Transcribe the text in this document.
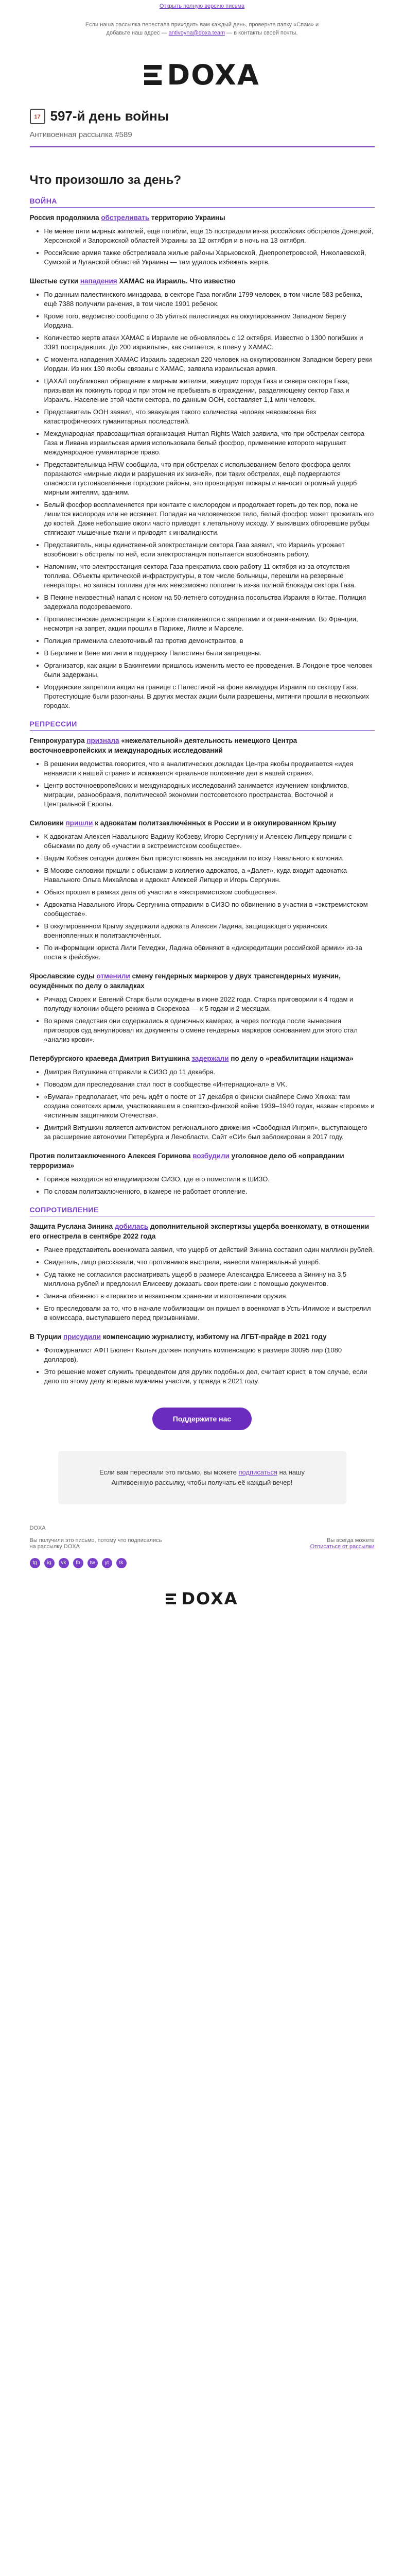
Открыть полную версию письма
Если наша рассылка перестала приходить вам каждый день, проверьте папку «Спам» и добавьте наш адрес — antivoyna@doxa.team — в контакты своей почты.
DOXA
17 597-й день войны
Антивоенная рассылка #589
Что произошло за день?
ВОЙНА
Россия продолжила обстреливать территорию Украины
• Не менее пяти мирных жителей, ещё погибли, еще 15 пострадали из-за российских обстрелов Донецкой, Херсонской и Запорожской областей Украины за 12 октября и в ночь на 13 октября.
• Российские армия также обстреливала жилые районы Харьковской, Днепропетровской, Николаевской, Сумской и Луганской областей Украины — там удалось избежать жертв.
Шестые сутки нападения ХАМАС на Израиль. Что известно
• По данным палестинского минздрава, в секторе Газа погибли 1799 человек, в том числе 583 ребенка, ещё 7388 получили ранения, в том числе 1901 ребенок.
• Кроме того, ведомство сообщило о 35 убитых палестинцах на оккупированном Западном берегу Иордана.
• Количество жертв атаки ХАМАС в Израиле не обновлялось с 12 октября. Известно о 1300 погибших и 3391 пострадавших. До 200 израильтян, как считается, в плену у ХАМАС.
• С момента нападения ХАМАС Израиль задержал 220 человек на оккупированном Западном берегу реки Иордан. Из них 130 якобы связаны с ХАМАС, заявила израильская армия.
• ЦАХАЛ опубликовал обращение к мирным жителям, живущим города Газа и севера сектора Газа, призывая их покинуть город и при этом не пребывать в ограждении, разделяющему сектор Газа и Израиль. Население этой части сектора, по данным ООН, составляет 1,1 млн человек.
• Представитель ООН заявил, что эвакуация такого количества человек невозможна без катастрофических гуманитарных последствий.
• Международная правозащитная организация Human Rights Watch заявила, что при обстрелах сектора Газа и Ливана израильская армия использовала белый фосфор, применение которого нарушает международное гуманитарное право.
• Представительница HRW сообщила, что при обстрелах с использованием белого фосфора целях поражаются «мирные люди и разрушения их жизней», при таких обстрелах, ещё подвергаются опасности густонаселённые городские районы, это провоцирует пожары и наносит огромный ущерб мирным жителям, зданиям.
• Белый фосфор воспламеняется при контакте с кислородом и продолжает гореть до тех пор, пока не лишится кислорода или не иссякнет. Попадая на человеческое тело, белый фосфор может прожигать его до костей. Даже небольшие ожоги часто приводят к летальному исходу. У выживших обгоревшие рубцы стягивают мышечные ткани и приводят к инвалидности.
• Представитель, ницы единственной электростанции сектора Газа заявил, что Израиль угрожает возобновить обстрелы по ней, если электростанция попытается возобновить работу.
• Напомним, что электростанция сектора Газа прекратила свою работу 11 октября из-за отсутствия топлива. Объекты критической инфраструктуры, в том числе больницы, перешли на резервные генераторы, но запасы топлива для них невозможно пополнить из-за полной блокады сектора Газа.
• В Пекине неизвестный напал с ножом на 50-летнего сотрудника посольства Израиля в Китае. Полиция задержала подозреваемого.
• Пропалестинские демонстрации в Европе сталкиваются с запретами и ограничениями. Во Франции, несмотря на запрет, акции прошли в Париже, Лилле и Марселе.
• Полиция применила слезоточивый газ против демонстрантов, в
• В Берлине и Вене митинги в поддержку Палестины были запрещены.
• Организатор, как акции в Бакингемии пришлось изменить место ее проведения. В Лондоне трое человек были задержаны.
• Иорданские запретили акции на границе с Палестиной на фоне авиаудара Израиля по сектору Газа. Протестующие были разогнаны. В других местах акции были разрешены, митинги прошли в нескольких городах.
РЕПРЕССИИ
Генпрокуратура признала «нежелательной» деятельность немецкого Центра восточноевропейских и международных исследований
• В решении ведомства говорится, что в аналитических докладах Центра якобы продвигается «идея ненависти к нашей стране» и искажается «реальное положение дел в нашей стране».
• Центр восточноевропейских и международных исследований занимается изучением конфликтов, миграции, разнообразия, политической экономии постсоветского пространства, Восточной и Центральной Европы.
Силовики пришли к адвокатам политзаключённых в России и в оккупированном Крыму
• К адвокатам Алексея Навального Вадиму Кобзеву, Игорю Сергунину и Алексею Липцеру пришли с обысками по делу об «участии в экстремистском сообществе».
• Вадим Кобзев сегодня должен был присутствовать на заседании по иску Навального к колонии.
• В Москве силовики пришли с обысками в коллегию адвокатов, а «Далет», куда входит адвокатка Навального Ольга Михайлова и адвокат Алексей Липцер и Игорь Сергунин.
• Обыск прошел в рамках дела об участии в «экстремистском сообществе».
• Адвокатка Навального Игорь Сергунина отправили в СИЗО по обвинению в участии в «экстремистском сообществе».
• В оккупированном Крыму задержали адвоката Алексея Ладина, защищающего украинских военнопленных и политзаключённых.
• По информации юриста Лили Гемеджи, Ладина обвиняют в «дискредитации российской армии» из-за поста в фейсбуке.
Ярославские суды отменили смену гендерных маркеров у двух трансгендерных мужчин, осуждённых по делу о закладках
• Ричард Скорех и Евгений Старк были осуждены в июне 2022 года. Старка приговорили к 4 годам и полугоду колонии общего режима в Скорехова — к 5 годам и 2 месяцам.
• Во время следствия они содержались в одиночных камерах, а через полгода после вынесения приговоров суд аннулировал их документы о смене гендерных маркеров основанием для этого стал «анализ крови».
Петербургского краеведа Дмитрия Витушкина задержали по делу о «реабилитации нацизма»
• Дмитрия Витушкина отправили в СИЗО до 11 декабря.
• Поводом для преследования стал пост в сообществе «Интернационал» в VK.
• «Бумага» предполагает, что речь идёт о посте от 17 декабря о фински снайпере Симо Хяюха: там создана советских армии, участвовавшем в советско-финской войне 1939–1940 годах, назван «героем» и «истинным защитником Отечества».
• Дмитрий Витушкин является активистом регионального движения «Свободная Ингрия», выступающего за расширение автономии Петербурга и Ленобласти. Сайт «СИ» был заблокирован в 2017 году.
Против политзаключенного Алексея Горинова возбудили уголовное дело об «оправдании терроризма»
• Горинов находится во владимирском СИЗО, где его поместили в ШИЗО.
• По словам политзаключенного, в камере не работает отопление.
СОПРОТИВЛЕНИЕ
Защита Руслана Зинина добилась дополнительной экспертизы ущерба военкомату, в отношении его огнестрела в сентябре 2022 года
• Ранее представитель военкомата заявил, что ущерб от действий Зинина составил один миллион рублей.
• Свидетель, лицо рассказали, что противников выстрела, нанесли материальный ущерб.
• Суд также не согласился рассматривать ущерб в размере Александра Елисеева а Зинину на 3,5 миллиона рублей и предложил Елисееву доказать свои претензии с помощью документов.
• Зинина обвиняют в «теракте» и незаконном хранении и изготовлении оружия.
• Его преследовали за то, что в начале мобилизации он пришел в военкомат в Усть-Илимске и выстрелил в комиссара, выступавшего перед призывниками.
В Турции присудили компенсацию журналисту, избитому на ЛГБТ-прайде в 2021 году
• Фотожурналист АФП Бюлент Кылыч должен получить компенсацию в размере 30095 лир (1080 долларов).
• Это решение может служить прецедентом для других подобных дел, считает юрист, в том случае, если дело по этому делу впервые мужчины участии, у правда в 2021 году.
Поддержите нас
Если вам переслали это письмо, вы можете подписаться на нашу Антивоенную рассылку, чтобы получать её каждый вечер!
DOXA
Вы получили это письмо, потому что подписались на рассылку DOXA
Вы всегда можете
Отписаться от рассылки
tg	ig	vk	fb	tw	yt	tk
DOXA
